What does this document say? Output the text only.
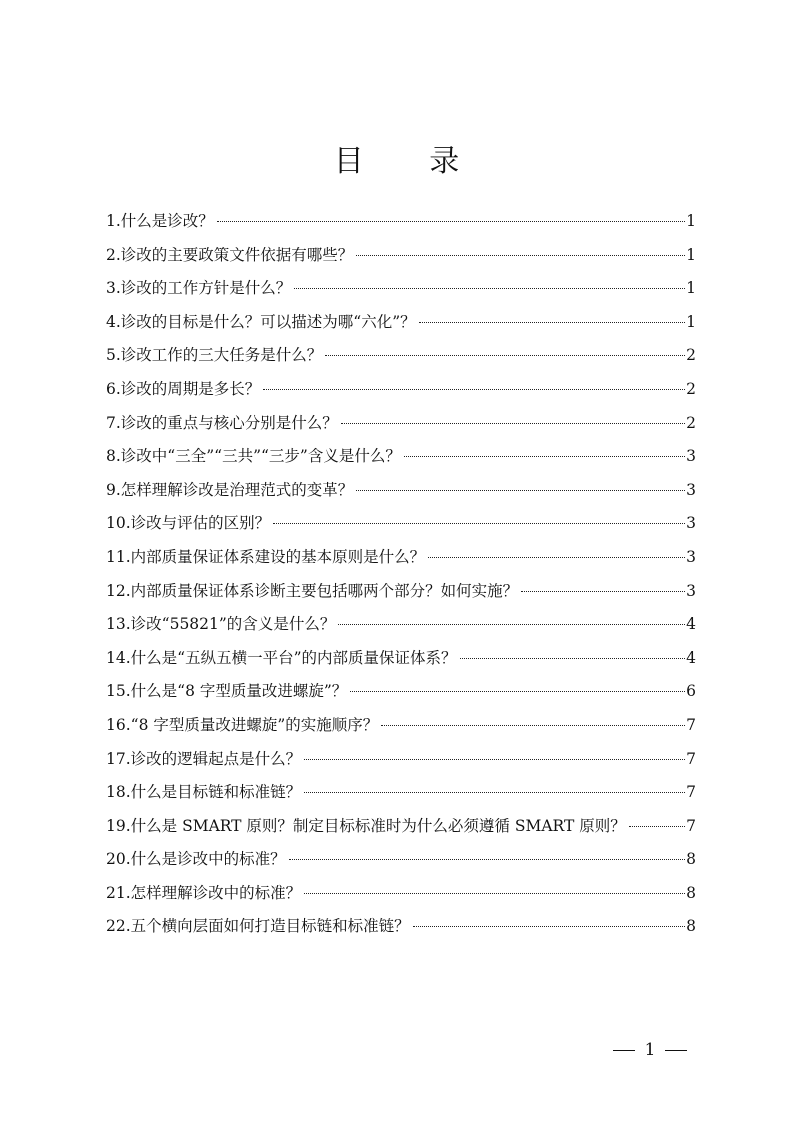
目 录
1. 什么是诊改？	1
2. 诊改的主要政策文件依据有哪些？	1
3. 诊改的工作方针是什么？	1
4. 诊改的目标是什么？可以描述为哪“六化”？	1
5. 诊改工作的三大任务是什么？	2
6. 诊改的周期是多长？	2
7. 诊改的重点与核心分别是什么？	2
8. 诊改中“三全”“三共”“三步”含义是什么？	3
9. 怎样理解诊改是治理范式的变革？	3
10. 诊改与评估的区别？	3
11. 内部质量保证体系建设的基本原则是什么？	3
12. 内部质量保证体系诊断主要包括哪两个部分？如何实施？	3
13. 诊改“55821”的含义是什么？	4
14. 什么是“五纵五横一平台”的内部质量保证体系？	4
15. 什么是“8 字型质量改进螺旋”？	6
16. “8 字型质量改进螺旋”的实施顺序？	7
17. 诊改的逻辑起点是什么？	7
18. 什么是目标链和标准链？	7
19. 什么是 SMART 原则？制定目标标准时为什么必须遵循 SMART 原则？	7
20. 什么是诊改中的标准？	8
21. 怎样理解诊改中的标准？	8
22. 五个横向层面如何打造目标链和标准链？	8
1
